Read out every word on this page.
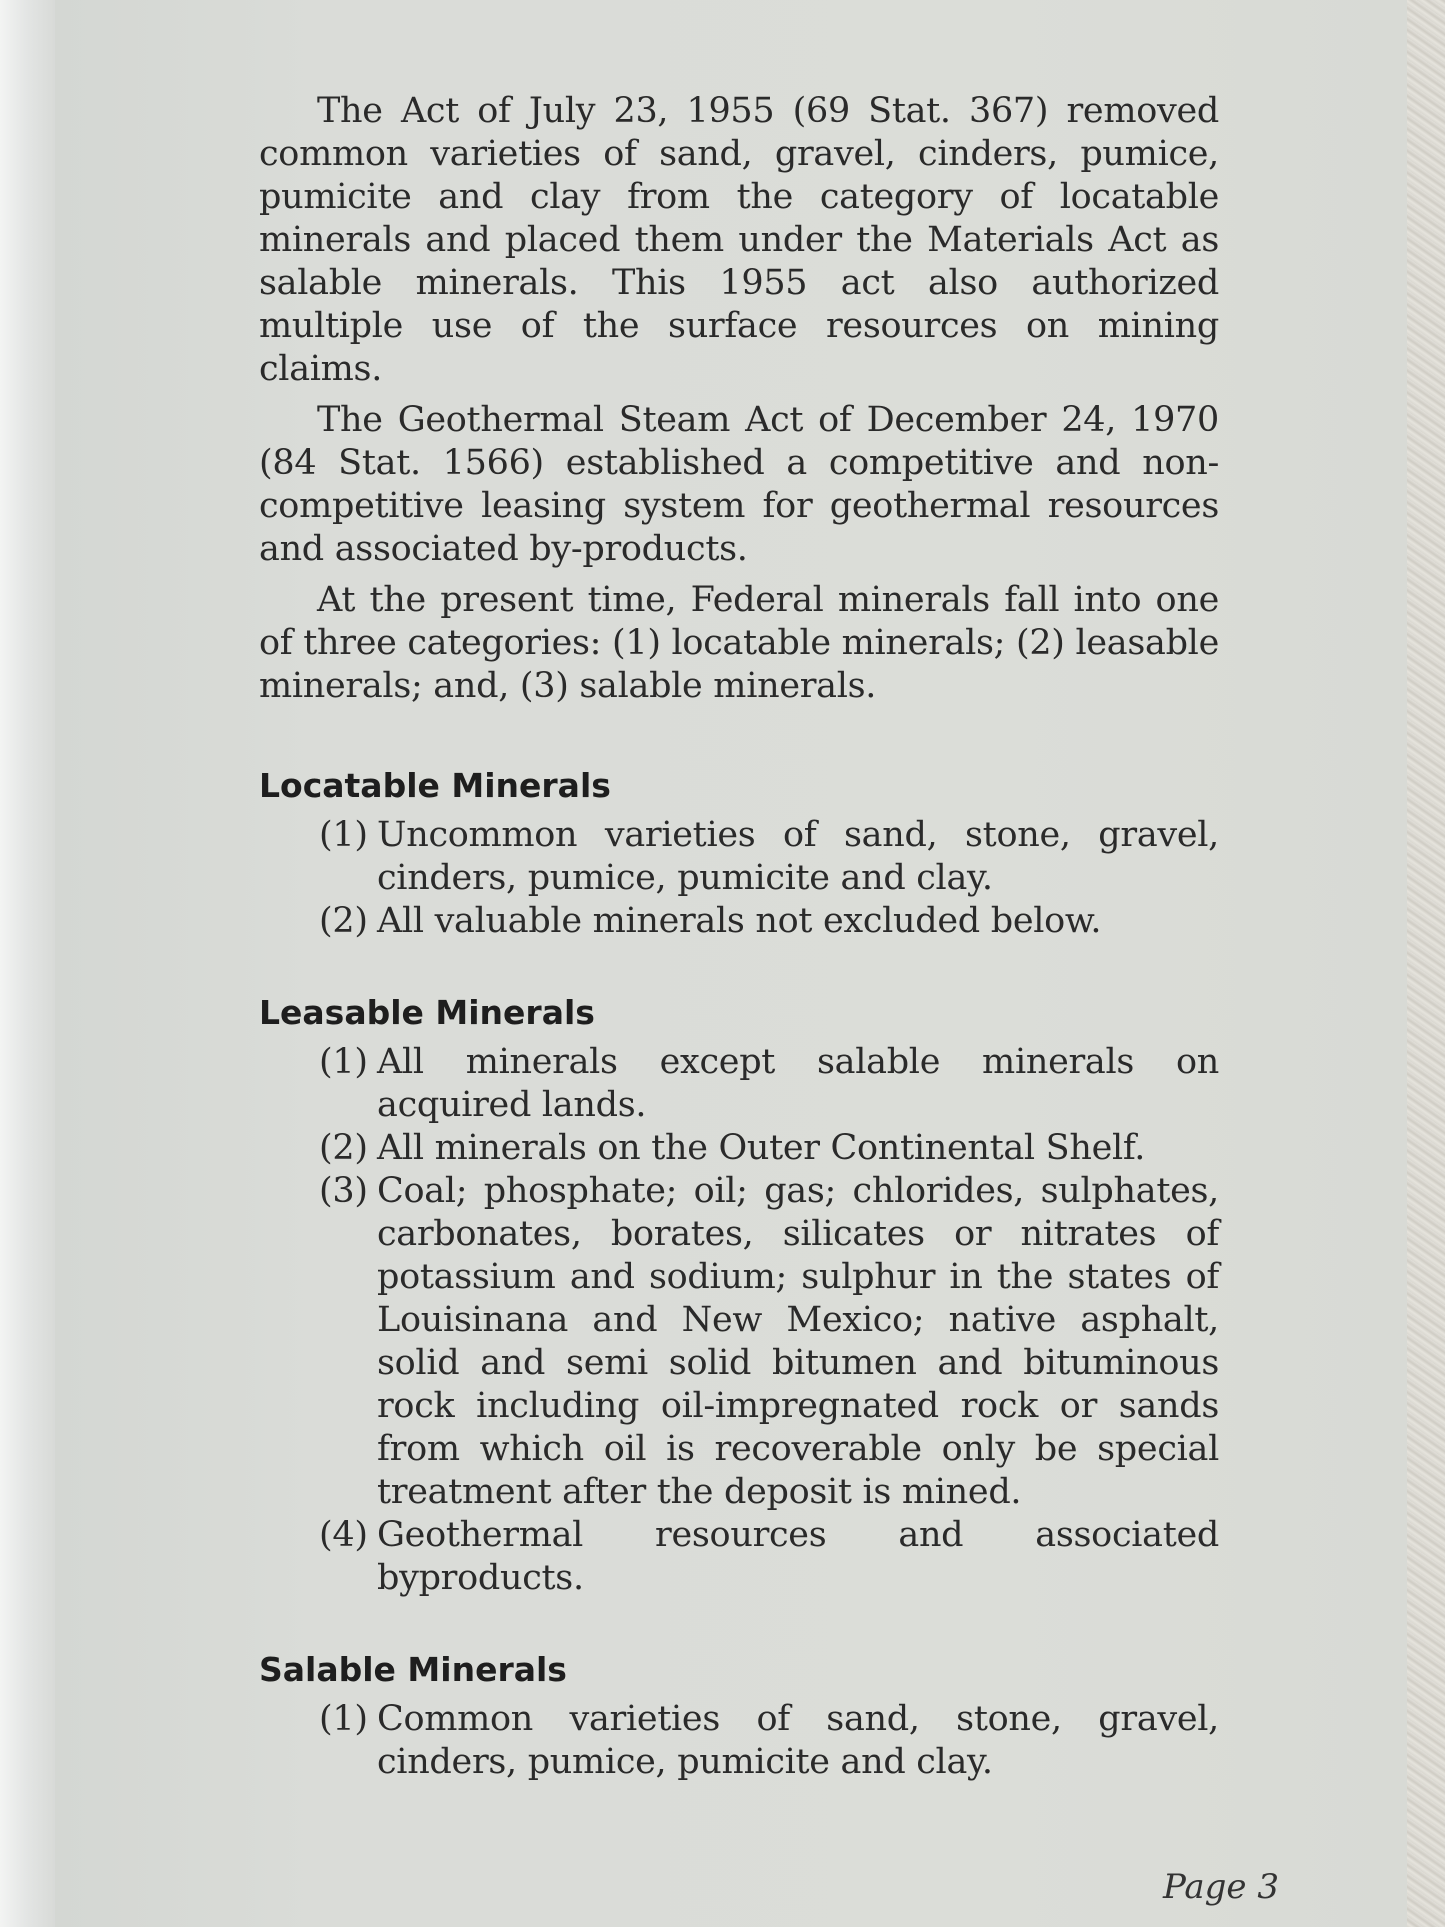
The Act of July 23, 1955 (69 Stat. 367) removed common varieties of sand, gravel, cinders, pumice, pumicite and clay from the category of locatable minerals and placed them under the Materials Act as salable minerals. This 1955 act also authorized multiple use of the surface resources on mining claims.

The Geothermal Steam Act of December 24, 1970 (84 Stat. 1566) established a competitive and non-competitive leasing system for geothermal resources and associated by-products.

At the present time, Federal minerals fall into one of three categories: (1) locatable minerals; (2) leasable minerals; and, (3) salable minerals.

Locatable Minerals
(1) Uncommon varieties of sand, stone, gravel, cinders, pumice, pumicite and clay.
(2) All valuable minerals not excluded below.
Leasable Minerals
(1) All minerals except salable minerals on acquired lands.
(2) All minerals on the Outer Continental Shelf.
(3) Coal; phosphate; oil; gas; chlorides, sulphates, carbonates, borates, silicates or nitrates of potassium and sodium; sulphur in the states of Louisinana and New Mexico; native asphalt, solid and semi solid bitumen and bituminous rock including oil-impregnated rock or sands from which oil is recoverable only be special treatment after the deposit is mined.
(4) Geothermal resources and associated byproducts.
Salable Minerals
(1) Common varieties of sand, stone, gravel, cinders, pumice, pumicite and clay.
Page 3
